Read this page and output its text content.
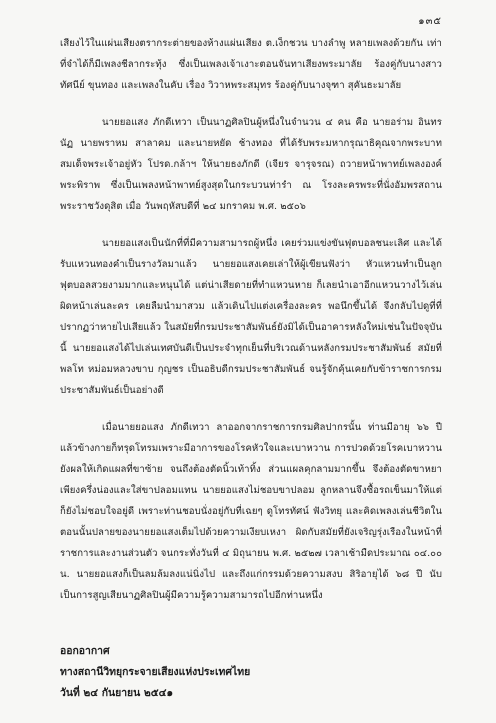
๑๓๕

เสียงไว้ในแผ่นเสียงตรากระต่ายของห้างแผ่นเสียง ต.เง็กชวน บางลำพู หลายเพลงด้วยกัน เท่าที่จำได้ก็มีเพลงชีลากระทุ้ง ซึ่งเป็นเพลงเจ้าเงาะตอนจันทาเสียงพระมาลัย ร้องคู่กับนางสาวทัศนีย์ ขุนทอง และเพลงในคับ เรื่อง วิวาหพระสมุทร ร้องคู่กับนางจุฑา สุคันธะมาลัย

นายยอแสง ภักดีเทวา เป็นนาฏศิลปินผู้หนึ่งในจำนวน ๔ คน คือ นายอร่าม อินทรนัฏ นายพราหม สาลาคม และนายหยัด ช้างทอง ที่ได้รับพระมหากรุณาธิคุณจากพระบาทสมเด็จพระเจ้าอยู่หัว โปรด.กล้าฯ ให้นายธงภักดี (เจียร จารุจรณ) ถวายหน้าพาทย์เพลงองค์พระพิราพ ซึ่งเป็นเพลงหน้าพาทย์สูงสุดในกระบวนท่ารำ ณ โรงละครพระที่นั่งอัมพรสถาน พระราชวังดุสิต เมื่อ วันพฤหัสบดีที่ ๒๔ มกราคม พ.ศ. ๒๕๐๖

นายยอแสงเป็นนักที่ที่มีความสามารถผู้หนึ่ง เคยร่วมแข่งขันฟุตบอลชนะเลิศ และได้รับแหวนทองคำเป็นรางวัลมาแล้ว นายยอแสงเคยเล่าให้ผู้เขียนฟังว่า หัวแหวนทำเป็นลูกฟุตบอลสวยงามมากและหนุนได้ แต่น่าเสียดายที่ทำแหวนหาย ก็เลยนำเอาอีกแหวนวางไว้เล่นผิดหน้าเล่นละคร เคยลืมนำมาสวม แล้วเดินไปแต่งเครื่องละคร พอนึกขึ้นได้ จึงกลับไปดูที่ที่ปรากฏว่าหายไปเสียแล้ว ในสมัยที่กรมประชาสัมพันธ์ยังมิได้เป็นอาคารหลังใหม่เช่นในปัจจุบันนี้ นายยอแสงได้ไปเล่นเทศบันดีเป็นประจำทุกเย็นที่บริเวณด้านหลังกรมประชาสัมพันธ์ สมัยที่พลโท หม่อมหลวงขาบ กุญชร เป็นอธิบดีกรมประชาสัมพันธ์ จนรู้จักคุ้นเคยกับข้าราชการกรมประชาสัมพันธ์เป็นอย่างดี

เมื่อนายยอแสง ภักดีเทวา ลาออกจากราชการกรมศิลปากรนั้น ท่านมีอายุ ๖๖ ปี แล้วข้างกายก็ทรุดโทรมเพราะมีอาการของโรคหัวใจและเบาหวาน การปวดด้วยโรคเบาหวานยังผลให้เกิดแผลที่ขาซ้าย จนถึงต้องตัดนิ้วเท้าทิ้ง ส่วนแผลคุกลามมากขึ้น จึงต้องตัดขาหยาเพียงครึ่งน่องและใส่ขาปลอมแทน นายยอแสงไม่ชอบขาปลอม ลูกหลานจึงซื้อรถเข็นมาให้แต่ก็ยังไม่ชอบใจอยู่ดี เพราะท่านชอบนั่งอยู่กับที่เฉยๆ ดูโทรทัศน์ ฟังวิทยุ และคิดเพลงเล่นชีวิตในตอนนั้นปลายของนายยอแสงเต็มไปด้วยความเงียบเหงา ผิดกับสมัยที่ยังเจริญรุ่งเรืองในหน้าที่ราชการและงานส่วนตัว จนกระทั่งวันที่ ๔ มิถุนายน พ.ศ. ๒๕๒๗ เวลาเช้ามืดประมาณ ๐๔.๐๐ น. นายยอแสงก็เป็นลมล้มลงแน่นิ่งไป และถึงแก่กรรมด้วยความสงบ สิริอายุได้ ๖๘ ปี นับเป็นการสูญเสียนาฏศิลปินผู้มีความรู้ความสามารถไปอีกท่านหนึ่ง

ออกอากาศ
ทางสถานีวิทยุกระจายเสียงแห่งประเทศไทย
วันที่ ๒๔ กันยายน ๒๕๔๑
